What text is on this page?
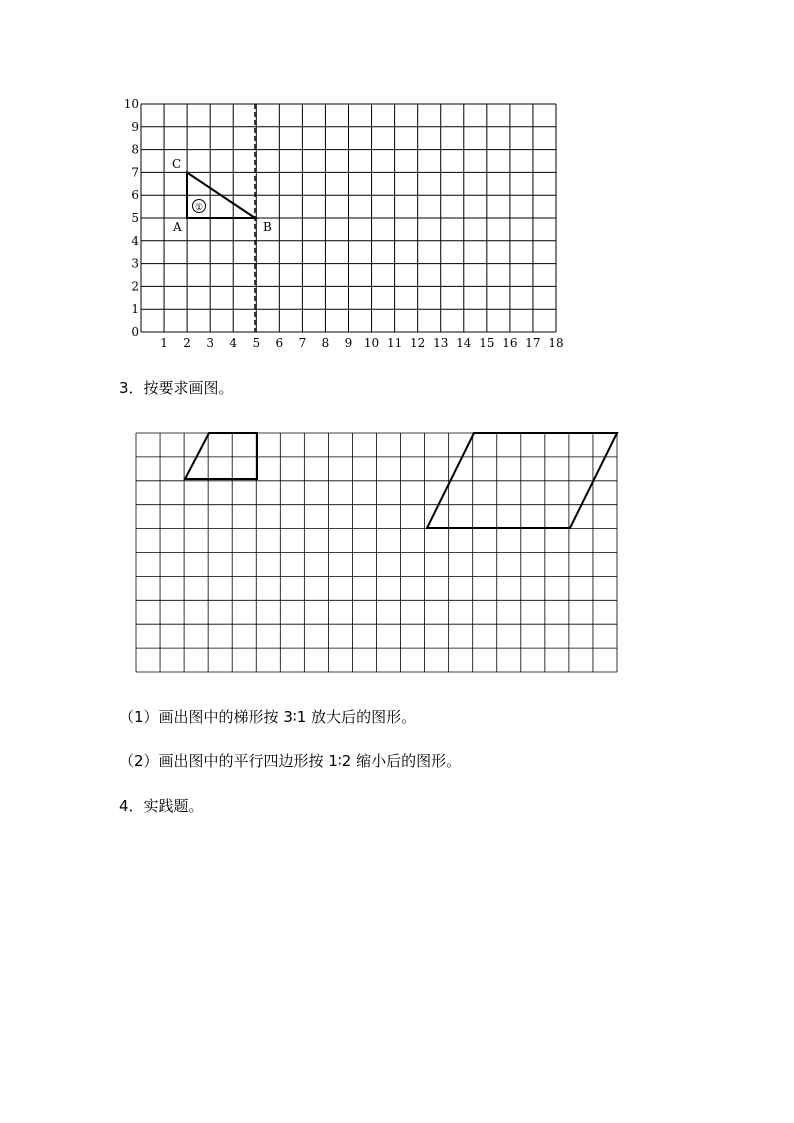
①
C
A	B
0
1
2
3
4
5
6
7
8
9
10
1 2 3 4 5 6 7 8 9 10 11 12 13 14 15 16 17 18
3．按要求画图。
（1）画出图中的梯形按 3∶1 放大后的图形。
（2）画出图中的平行四边形按 1∶2 缩小后的图形。
4．实践题。
